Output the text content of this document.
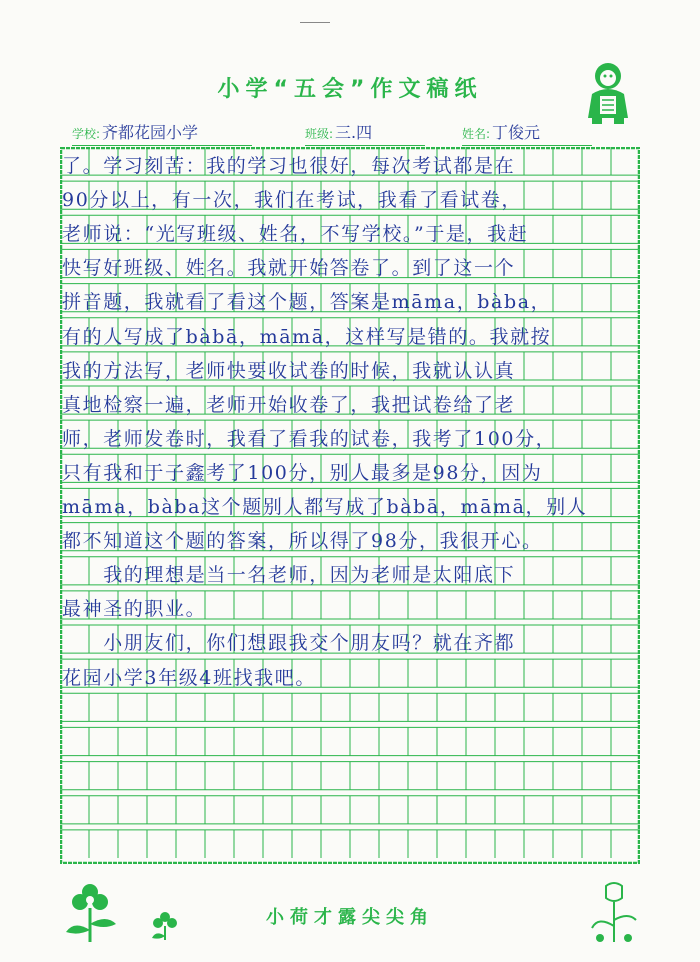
小学“五会”作文稿纸
学校: 齐都花园小学	班级: 三.四	姓名: 丁俊元
了。学习刻苦：我的学习也很好，每次考试都是在
90分以上，有一次，我们在考试，我看了看试卷，
老师说：“光写班级、姓名，不写学校。”于是，我赶
快写好班级、姓名。我就开始答卷了。到了这一个
拼音题，我就看了看这个题，答案是māma，bàba，
有的人写成了bàbā，māmā，这样写是错的。我就按
我的方法写，老师快要收试卷的时候，我就认认真
真地检察一遍，老师开始收卷了，我把试卷给了老
师，老师发卷时，我看了看我的试卷，我考了100分，
只有我和于子鑫考了100分，别人最多是98分，因为
māma，bàba这个题别人都写成了bàbā，māmā，别人
都不知道这个题的答案，所以得了98分，我很开心。
　　我的理想是当一名老师，因为老师是太阳底下
最神圣的职业。
　　小朋友们，你们想跟我交个朋友吗？就在齐都
花园小学3年级4班找我吧。
小荷才露尖尖角
